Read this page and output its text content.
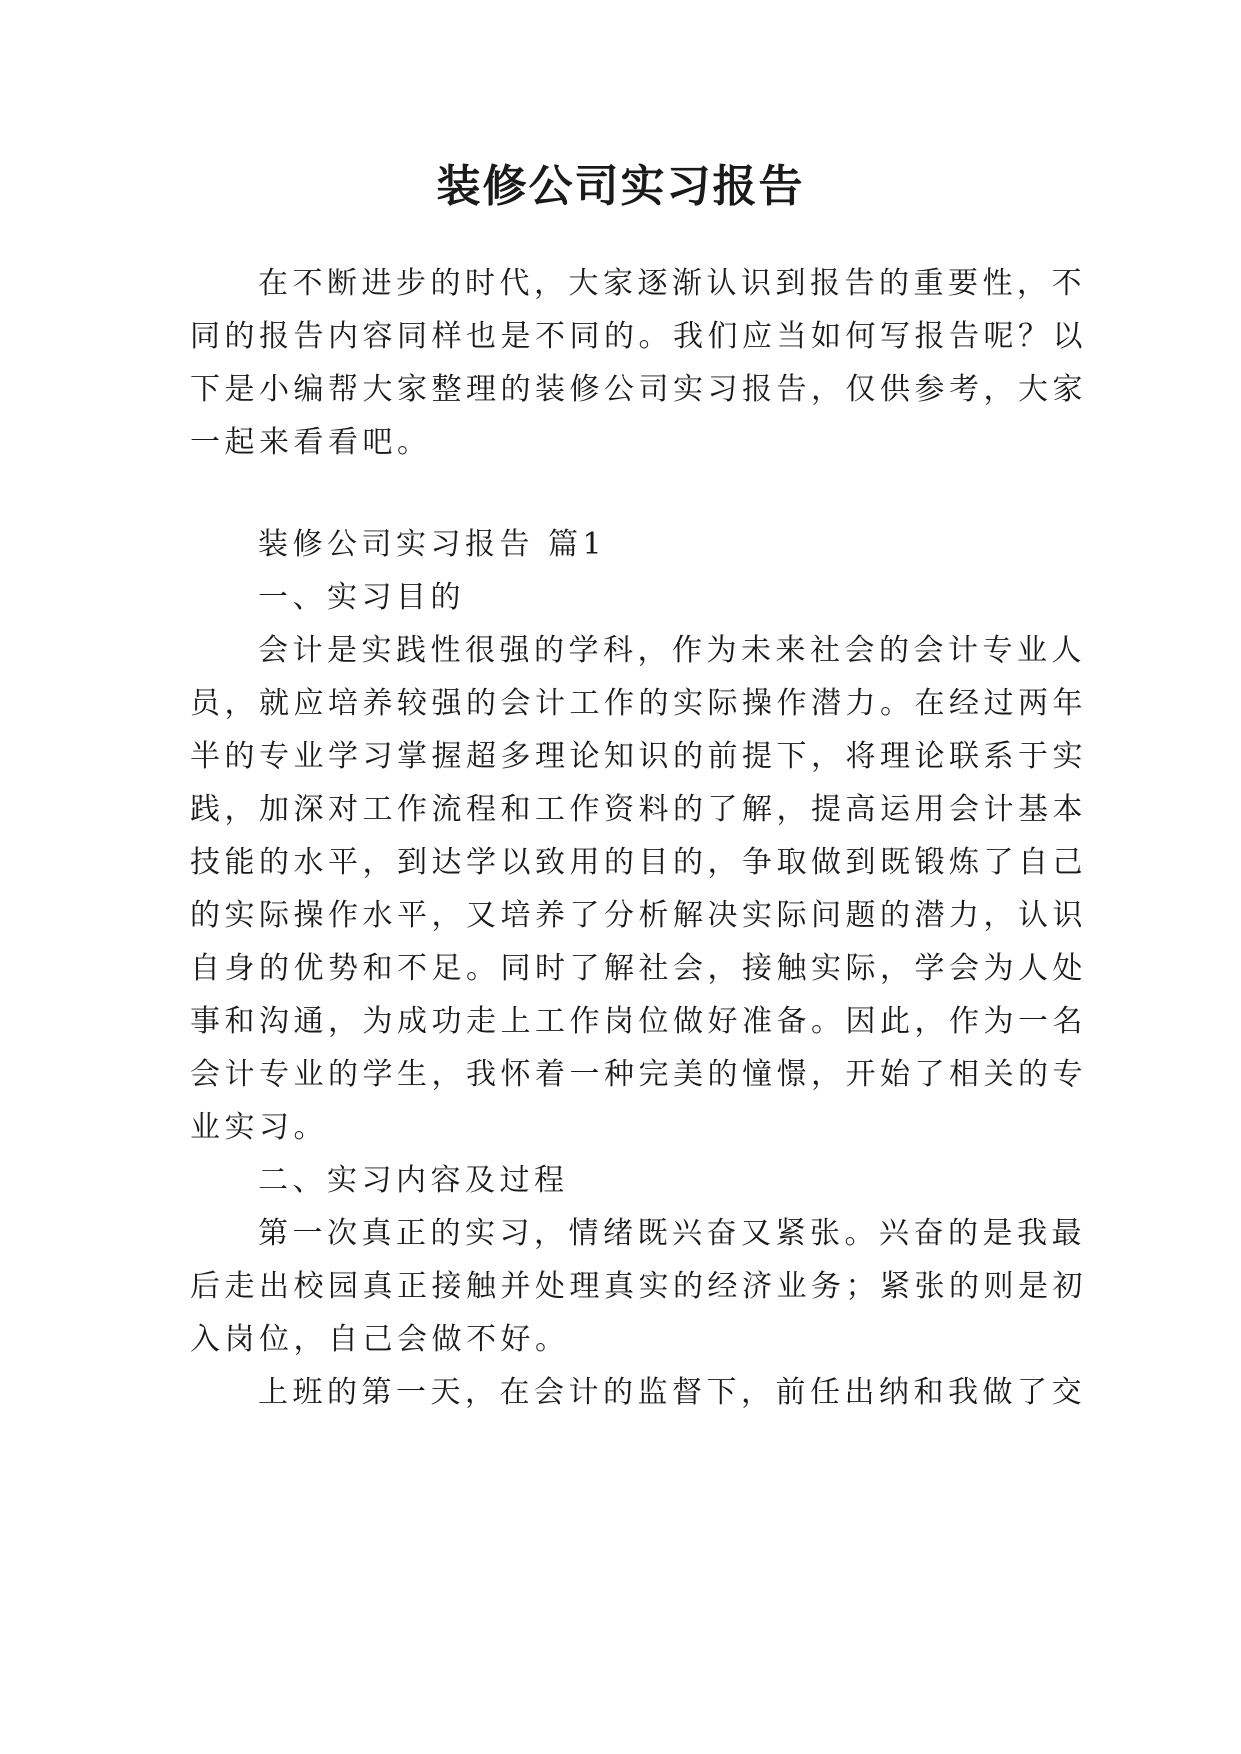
装修公司实习报告
在不断进步的时代，大家逐渐认识到报告的重要性，不
同的报告内容同样也是不同的。我们应当如何写报告呢？以
下是小编帮大家整理的装修公司实习报告，仅供参考，大家
一起来看看吧。
装修公司实习报告 篇1
一、实习目的
会计是实践性很强的学科，作为未来社会的会计专业人
员，就应培养较强的会计工作的实际操作潜力。在经过两年
半的专业学习掌握超多理论知识的前提下，将理论联系于实
践，加深对工作流程和工作资料的了解，提高运用会计基本
技能的水平，到达学以致用的目的，争取做到既锻炼了自己
的实际操作水平，又培养了分析解决实际问题的潜力，认识
自身的优势和不足。同时了解社会，接触实际，学会为人处
事和沟通，为成功走上工作岗位做好准备。因此，作为一名
会计专业的学生，我怀着一种完美的憧憬，开始了相关的专
业实习。
二、实习内容及过程
第一次真正的实习，情绪既兴奋又紧张。兴奋的是我最
后走出校园真正接触并处理真实的经济业务；紧张的则是初
入岗位，自己会做不好。
上班的第一天，在会计的监督下，前任出纳和我做了交
